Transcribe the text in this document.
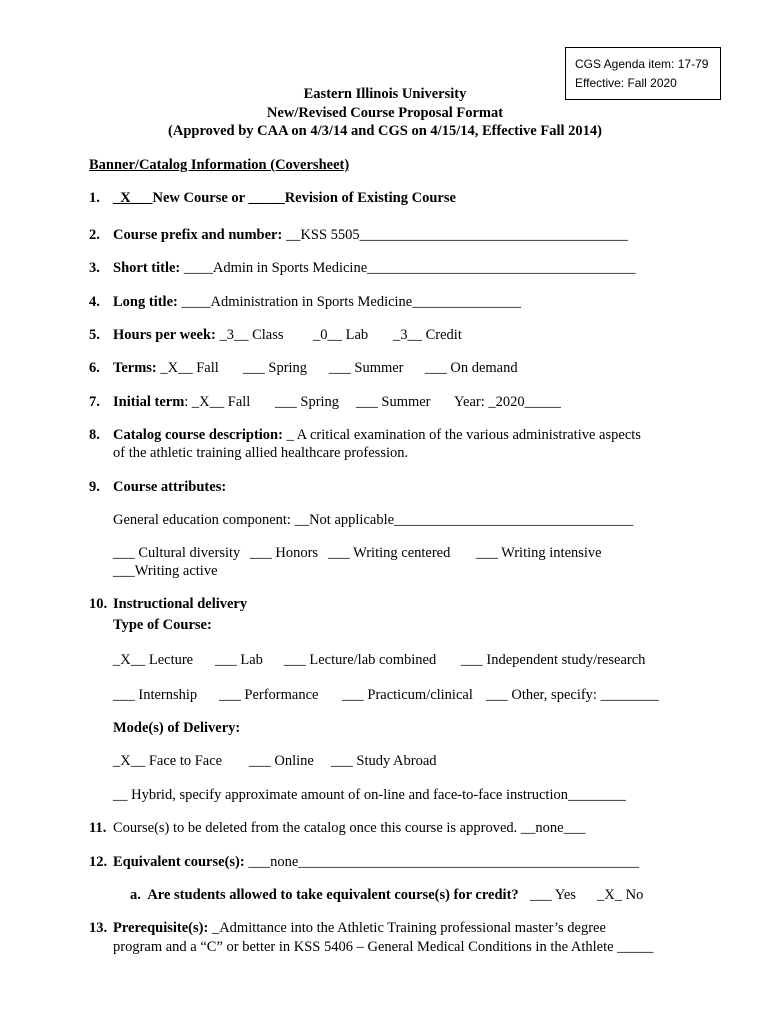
CGS Agenda item: 17-79
Effective: Fall 2020
Eastern Illinois University
New/Revised Course Proposal Format
(Approved by CAA on 4/3/14 and CGS on 4/15/14, Effective Fall 2014)
Banner/Catalog Information (Coversheet)
1. _X___New Course or _____Revision of Existing Course
2. Course prefix and number: __KSS 5505_____________________________________
3. Short title: ____Admin in Sports Medicine_____________________________________
4. Long title: ____Administration in Sports Medicine_______________
5. Hours per week: _3__ Class _0__ Lab _3__ Credit
6. Terms: _X__ Fall ___ Spring ___ Summer ___ On demand
7. Initial term: _X__ Fall ___ Spring ___ Summer Year: _2020_____
8. Catalog course description: _ A critical examination of the various administrative aspects
of the athletic training allied healthcare profession.
9. Course attributes:
General education component: __Not applicable_________________________________
___ Cultural diversity ___ Honors ___ Writing centered ___ Writing intensive
___Writing active
10. Instructional delivery
Type of Course:
_X__ Lecture ___ Lab ___ Lecture/lab combined ___ Independent study/research
___ Internship ___ Performance ___ Practicum/clinical ___ Other, specify: ________
Mode(s) of Delivery:
_X__ Face to Face ___ Online ___ Study Abroad
__ Hybrid, specify approximate amount of on-line and face-to-face instruction________
11. Course(s) to be deleted from the catalog once this course is approved. __none___
12. Equivalent course(s): ___none_______________________________________________
a.  Are students allowed to take equivalent course(s) for credit? ___ Yes _X_ No
13. Prerequisite(s): _Admittance into the Athletic Training professional master’s degree
program and a “C” or better in KSS 5406 – General Medical Conditions in the Athlete _____
